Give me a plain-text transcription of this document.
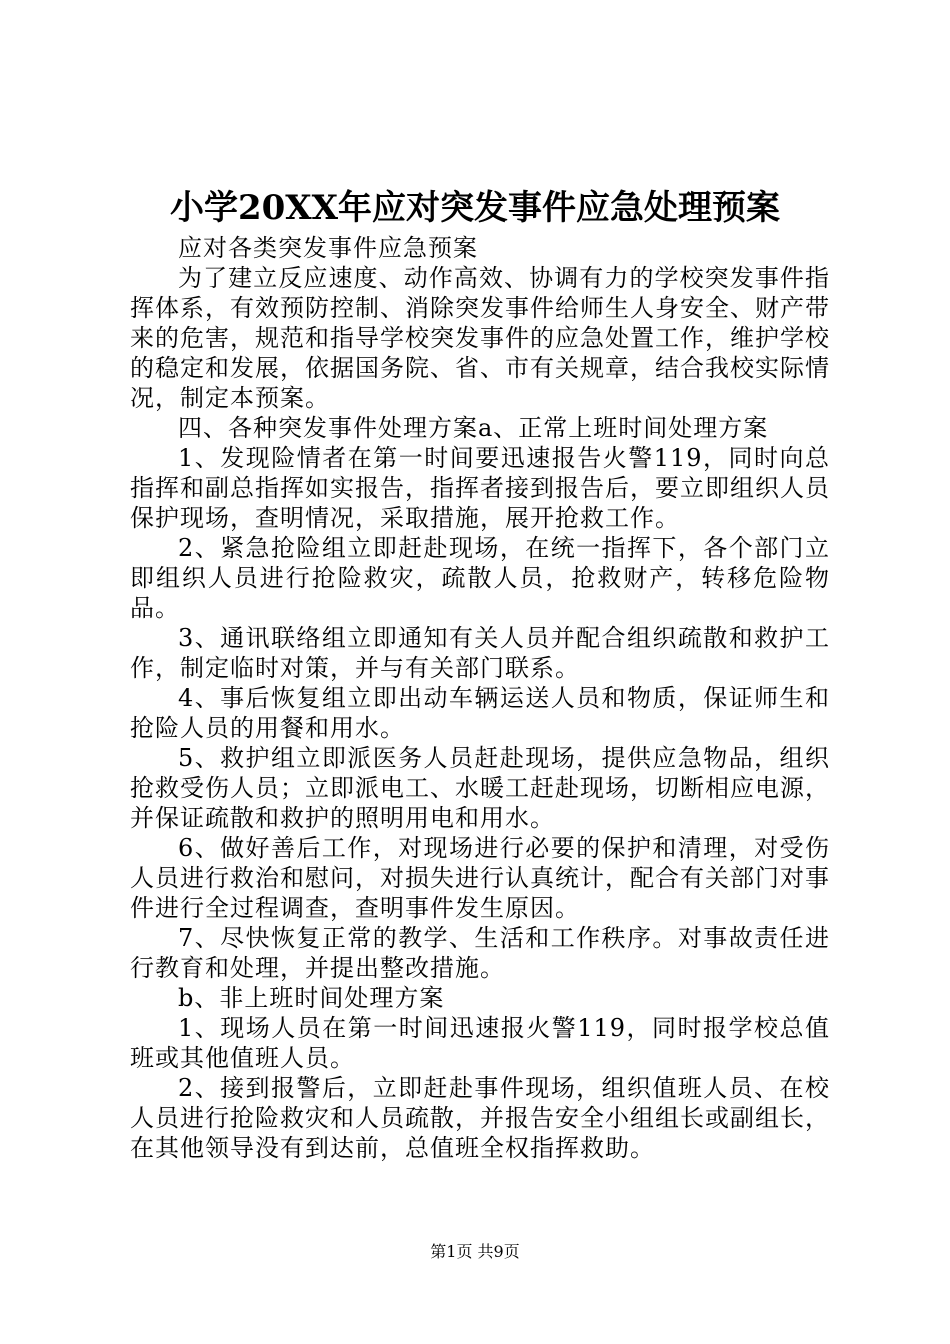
小学20XX年应对突发事件应急处理预案

应对各类突发事件应急预案

为了建立反应速度、动作高效、协调有力的学校突发事件指挥体系，有效预防控制、消除突发事件给师生人身安全、财产带来的危害，规范和指导学校突发事件的应急处置工作，维护学校的稳定和发展，依据国务院、省、市有关规章，结合我校实际情况，制定本预案。

四、各种突发事件处理方案a、正常上班时间处理方案

1、发现险情者在第一时间要迅速报告火警119，同时向总指挥和副总指挥如实报告，指挥者接到报告后，要立即组织人员保护现场，查明情况，采取措施，展开抢救工作。

2、紧急抢险组立即赶赴现场，在统一指挥下，各个部门立即组织人员进行抢险救灾，疏散人员，抢救财产，转移危险物品。

3、通讯联络组立即通知有关人员并配合组织疏散和救护工作，制定临时对策，并与有关部门联系。

4、事后恢复组立即出动车辆运送人员和物质，保证师生和抢险人员的用餐和用水。

5、救护组立即派医务人员赶赴现场，提供应急物品，组织抢救受伤人员；立即派电工、水暖工赶赴现场，切断相应电源，并保证疏散和救护的照明用电和用水。

6、做好善后工作，对现场进行必要的保护和清理，对受伤人员进行救治和慰问，对损失进行认真统计，配合有关部门对事件进行全过程调查，查明事件发生原因。

7、尽快恢复正常的教学、生活和工作秩序。对事故责任进行教育和处理，并提出整改措施。

b、非上班时间处理方案

1、现场人员在第一时间迅速报火警119，同时报学校总值班或其他值班人员。

2、接到报警后，立即赶赴事件现场，组织值班人员、在校人员进行抢险救灾和人员疏散，并报告安全小组组长或副组长，在其他领导没有到达前，总值班全权指挥救助。

第1页 共9页
